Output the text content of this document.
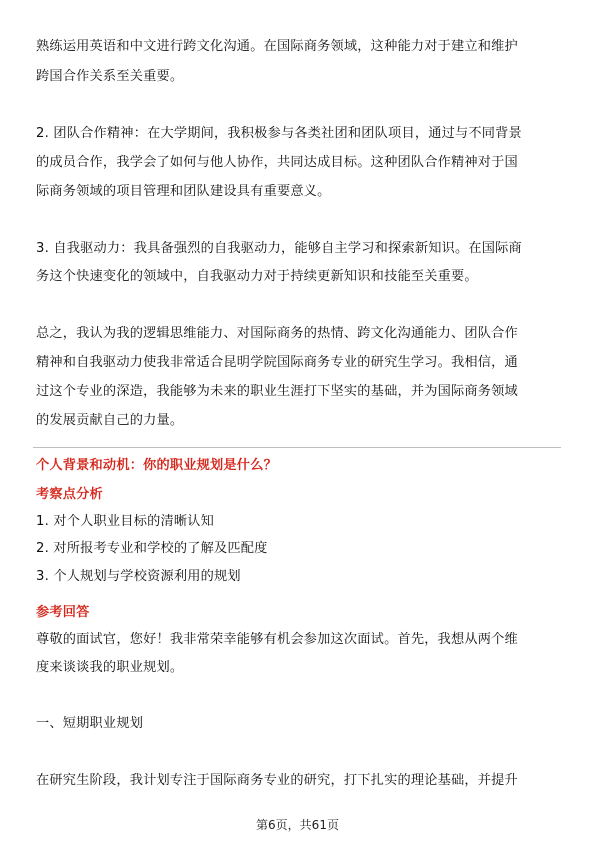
熟练运用英语和中文进行跨文化沟通。在国际商务领域，这种能力对于建立和维护

跨国合作关系至关重要。

2. 团队合作精神：在大学期间，我积极参与各类社团和团队项目，通过与不同背景

的成员合作，我学会了如何与他人协作，共同达成目标。这种团队合作精神对于国

际商务领域的项目管理和团队建设具有重要意义。

3. 自我驱动力：我具备强烈的自我驱动力，能够自主学习和探索新知识。在国际商

务这个快速变化的领域中，自我驱动力对于持续更新知识和技能至关重要。

总之，我认为我的逻辑思维能力、对国际商务的热情、跨文化沟通能力、团队合作

精神和自我驱动力使我非常适合昆明学院国际商务专业的研究生学习。我相信，通

过这个专业的深造，我能够为未来的职业生涯打下坚实的基础，并为国际商务领域

的发展贡献自己的力量。

个人背景和动机：你的职业规划是什么？

考察点分析

1. 对个人职业目标的清晰认知

2. 对所报考专业和学校的了解及匹配度

3. 个人规划与学校资源利用的规划

参考回答

尊敬的面试官，您好！我非常荣幸能够有机会参加这次面试。首先，我想从两个维

度来谈谈我的职业规划。

一、短期职业规划

在研究生阶段，我计划专注于国际商务专业的研究，打下扎实的理论基础，并提升

第6页，共61页
